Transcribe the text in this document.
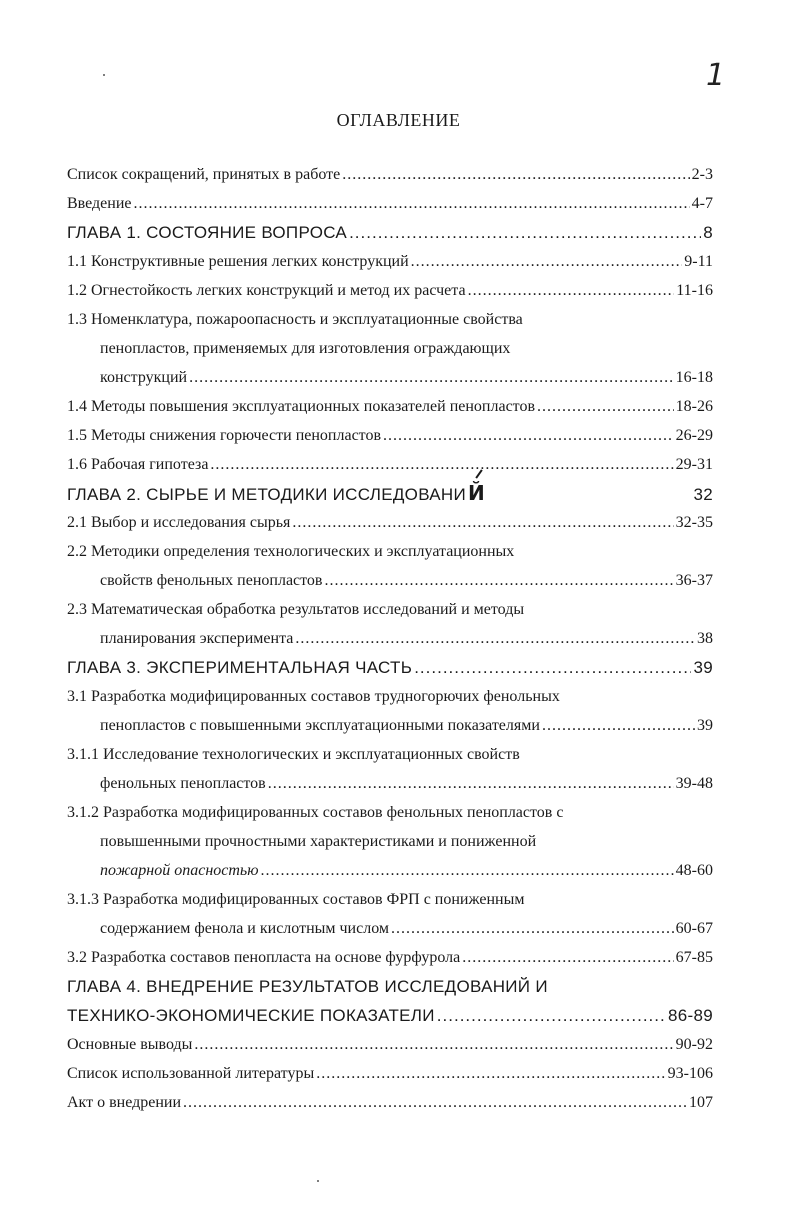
1
ОГЛАВЛЕНИЕ
Список сокращений, принятых в работе .....	2-3
Введение .....	4-7
ГЛАВА 1. СОСТОЯНИЕ ВОПРОСА .....	8
1.1 Конструктивные решения легких конструкций .....	9-11
1.2 Огнестойкость легких конструкций и метод их расчета .....	11-16
1.3 Номенклатура, пожароопасность и эксплуатационные свойства
пенопластов, применяемых для изготовления ограждающих
конструкций .....	16-18
1.4 Методы повышения эксплуатационных показателей пенопластов .....	18-26
1.5 Методы снижения горючести пенопластов .....	26-29
1.6 Рабочая гипотеза .....	29-31
ГЛАВА 2. СЫРЬЕ И МЕТОДИКИ ИССЛЕДОВАНИ Й	32
2.1 Выбор и исследования сырья .....	32-35
2.2 Методики определения технологических и эксплуатационных
свойств фенольных пенопластов .....	36-37
2.3 Математическая обработка результатов исследований и методы
планирования эксперимента .....	38
ГЛАВА 3. ЭКСПЕРИМЕНТАЛЬНАЯ ЧАСТЬ .....	39
3.1 Разработка модифицированных составов трудногорючих фенольных
пенопластов с повышенными эксплуатационными показателями .....	39
3.1.1 Исследование технологических и эксплуатационных свойств
фенольных пенопластов .....	39-48
3.1.2 Разработка модифицированных составов фенольных пенопластов с
повышенными прочностными характеристиками и пониженной
пожарной опасностью .....	48-60
3.1.3 Разработка модифицированных составов ФРП с пониженным
содержанием фенола и кислотным числом .....	60-67
3.2 Разработка составов пенопласта на основе фурфурола .....	67-85
ГЛАВА 4. ВНЕДРЕНИЕ РЕЗУЛЬТАТОВ ИССЛЕДОВАНИЙ И
ТЕХНИКО-ЭКОНОМИЧЕСКИЕ ПОКАЗАТЕЛИ .....	86-89
Основные выводы .....	90-92
Список использованной литературы .....	93-106
Акт о внедрении .....	107
